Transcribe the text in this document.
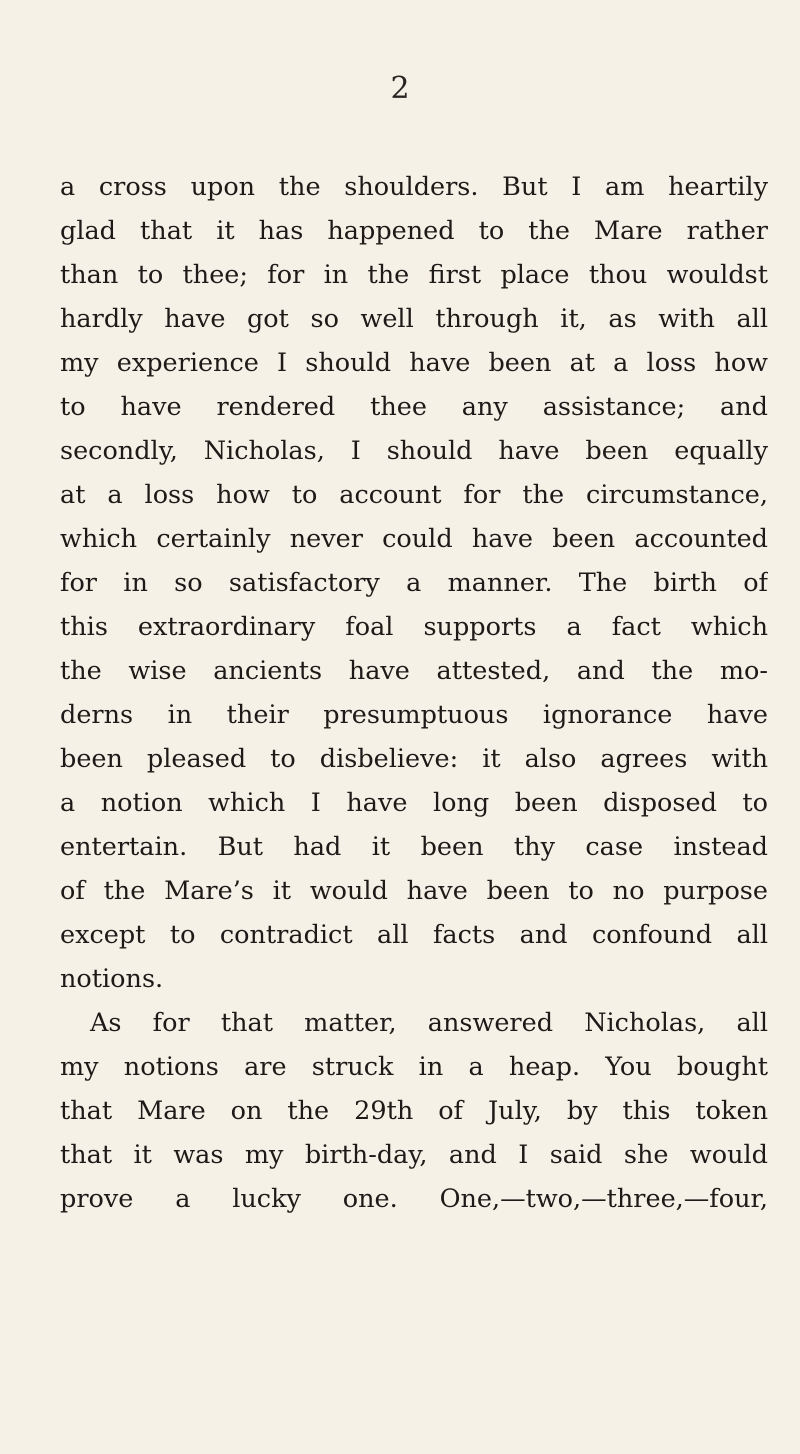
2
a cross upon the shoulders. But I am heartily
glad that it has happened to the Mare rather
than to thee; for in the first place thou wouldst
hardly have got so well through it, as with all
my experience I should have been at a loss how
to have rendered thee any assistance; and
secondly, Nicholas, I should have been equally
at a loss how to account for the circumstance,
which certainly never could have been accounted
for in so satisfactory a manner. The birth of
this extraordinary foal supports a fact which
the wise ancients have attested, and the mo-
derns in their presumptuous ignorance have
been pleased to disbelieve: it also agrees with
a notion which I have long been disposed to
entertain. But had it been thy case instead
of the Mare’s it would have been to no purpose
except to contradict all facts and confound all
notions.
As for that matter, answered Nicholas, all
my notions are struck in a heap. You bought
that Mare on the 29th of July, by this token
that it was my birth-day, and I said she would
prove a lucky one. One,—two,—three,—four,
